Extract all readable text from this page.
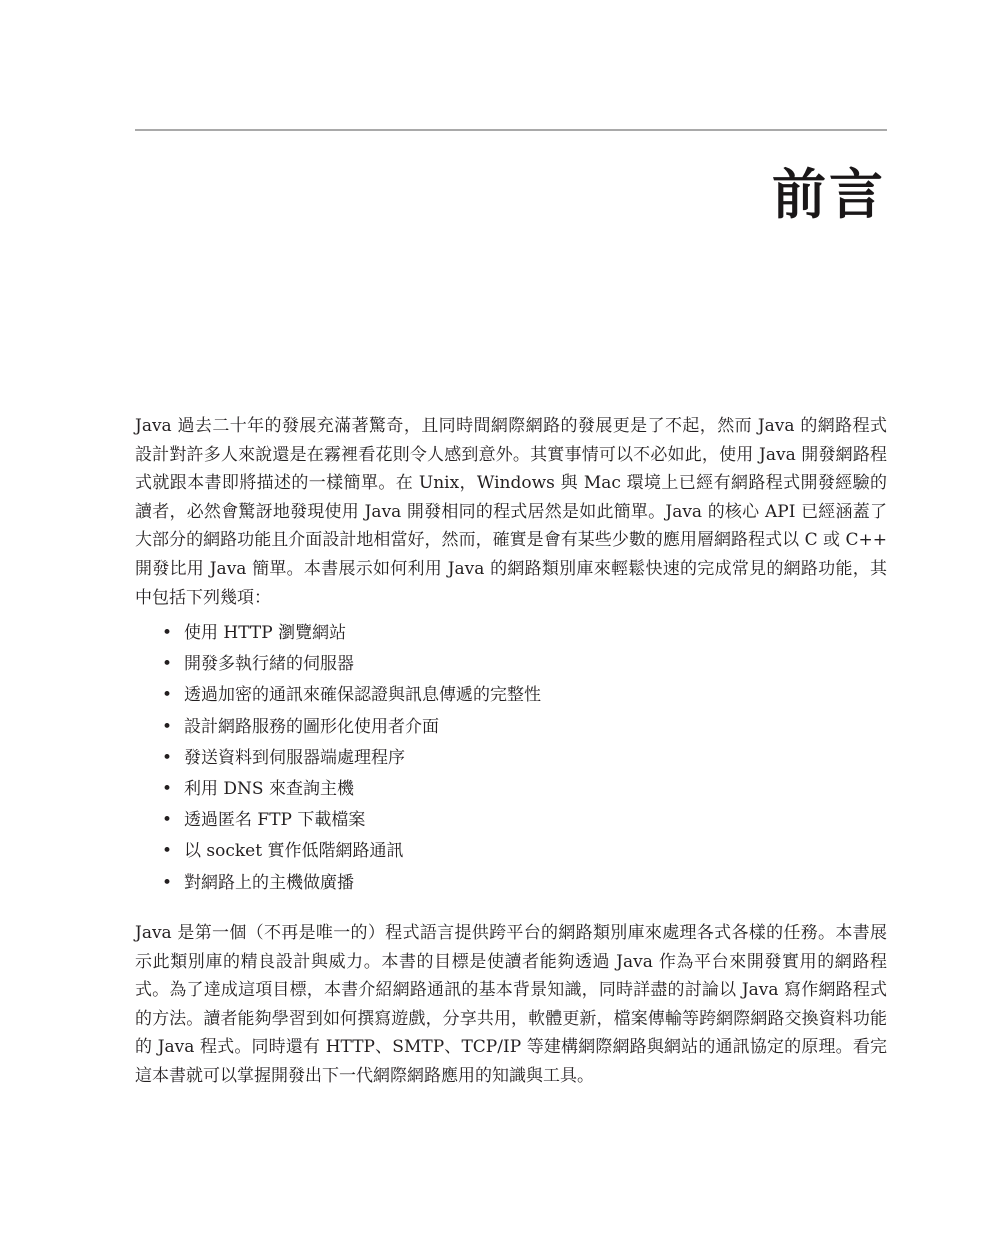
前言

Java 過去二十年的發展充滿著驚奇，且同時間網際網路的發展更是了不起，然而 Java 的網路程式設計對許多人來說還是在霧裡看花則令人感到意外。其實事情可以不必如此，使用 Java 開發網路程式就跟本書即將描述的一樣簡單。在 Unix，Windows 與 Mac 環境上已經有網路程式開發經驗的讀者，必然會驚訝地發現使用 Java 開發相同的程式居然是如此簡單。Java 的核心 API 已經涵蓋了大部分的網路功能且介面設計地相當好，然而，確實是會有某些少數的應用層網路程式以 C 或 C++ 開發比用 Java 簡單。本書展示如何利用 Java 的網路類別庫來輕鬆快速的完成常見的網路功能，其中包括下列幾項：

• 使用 HTTP 瀏覽網站
• 開發多執行緒的伺服器
• 透過加密的通訊來確保認證與訊息傳遞的完整性
• 設計網路服務的圖形化使用者介面
• 發送資料到伺服器端處理程序
• 利用 DNS 來查詢主機
• 透過匿名 FTP 下載檔案
• 以 socket 實作低階網路通訊
• 對網路上的主機做廣播

Java 是第一個（不再是唯一的）程式語言提供跨平台的網路類別庫來處理各式各樣的任務。本書展示此類別庫的精良設計與威力。本書的目標是使讀者能夠透過 Java 作為平台來開發實用的網路程式。為了達成這項目標，本書介紹網路通訊的基本背景知識，同時詳盡的討論以 Java 寫作網路程式的方法。讀者能夠學習到如何撰寫遊戲，分享共用，軟體更新，檔案傳輸等跨網際網路交換資料功能的 Java 程式。同時還有 HTTP、SMTP、TCP/IP 等建構網際網路與網站的通訊協定的原理。看完這本書就可以掌握開發出下一代網際網路應用的知識與工具。
